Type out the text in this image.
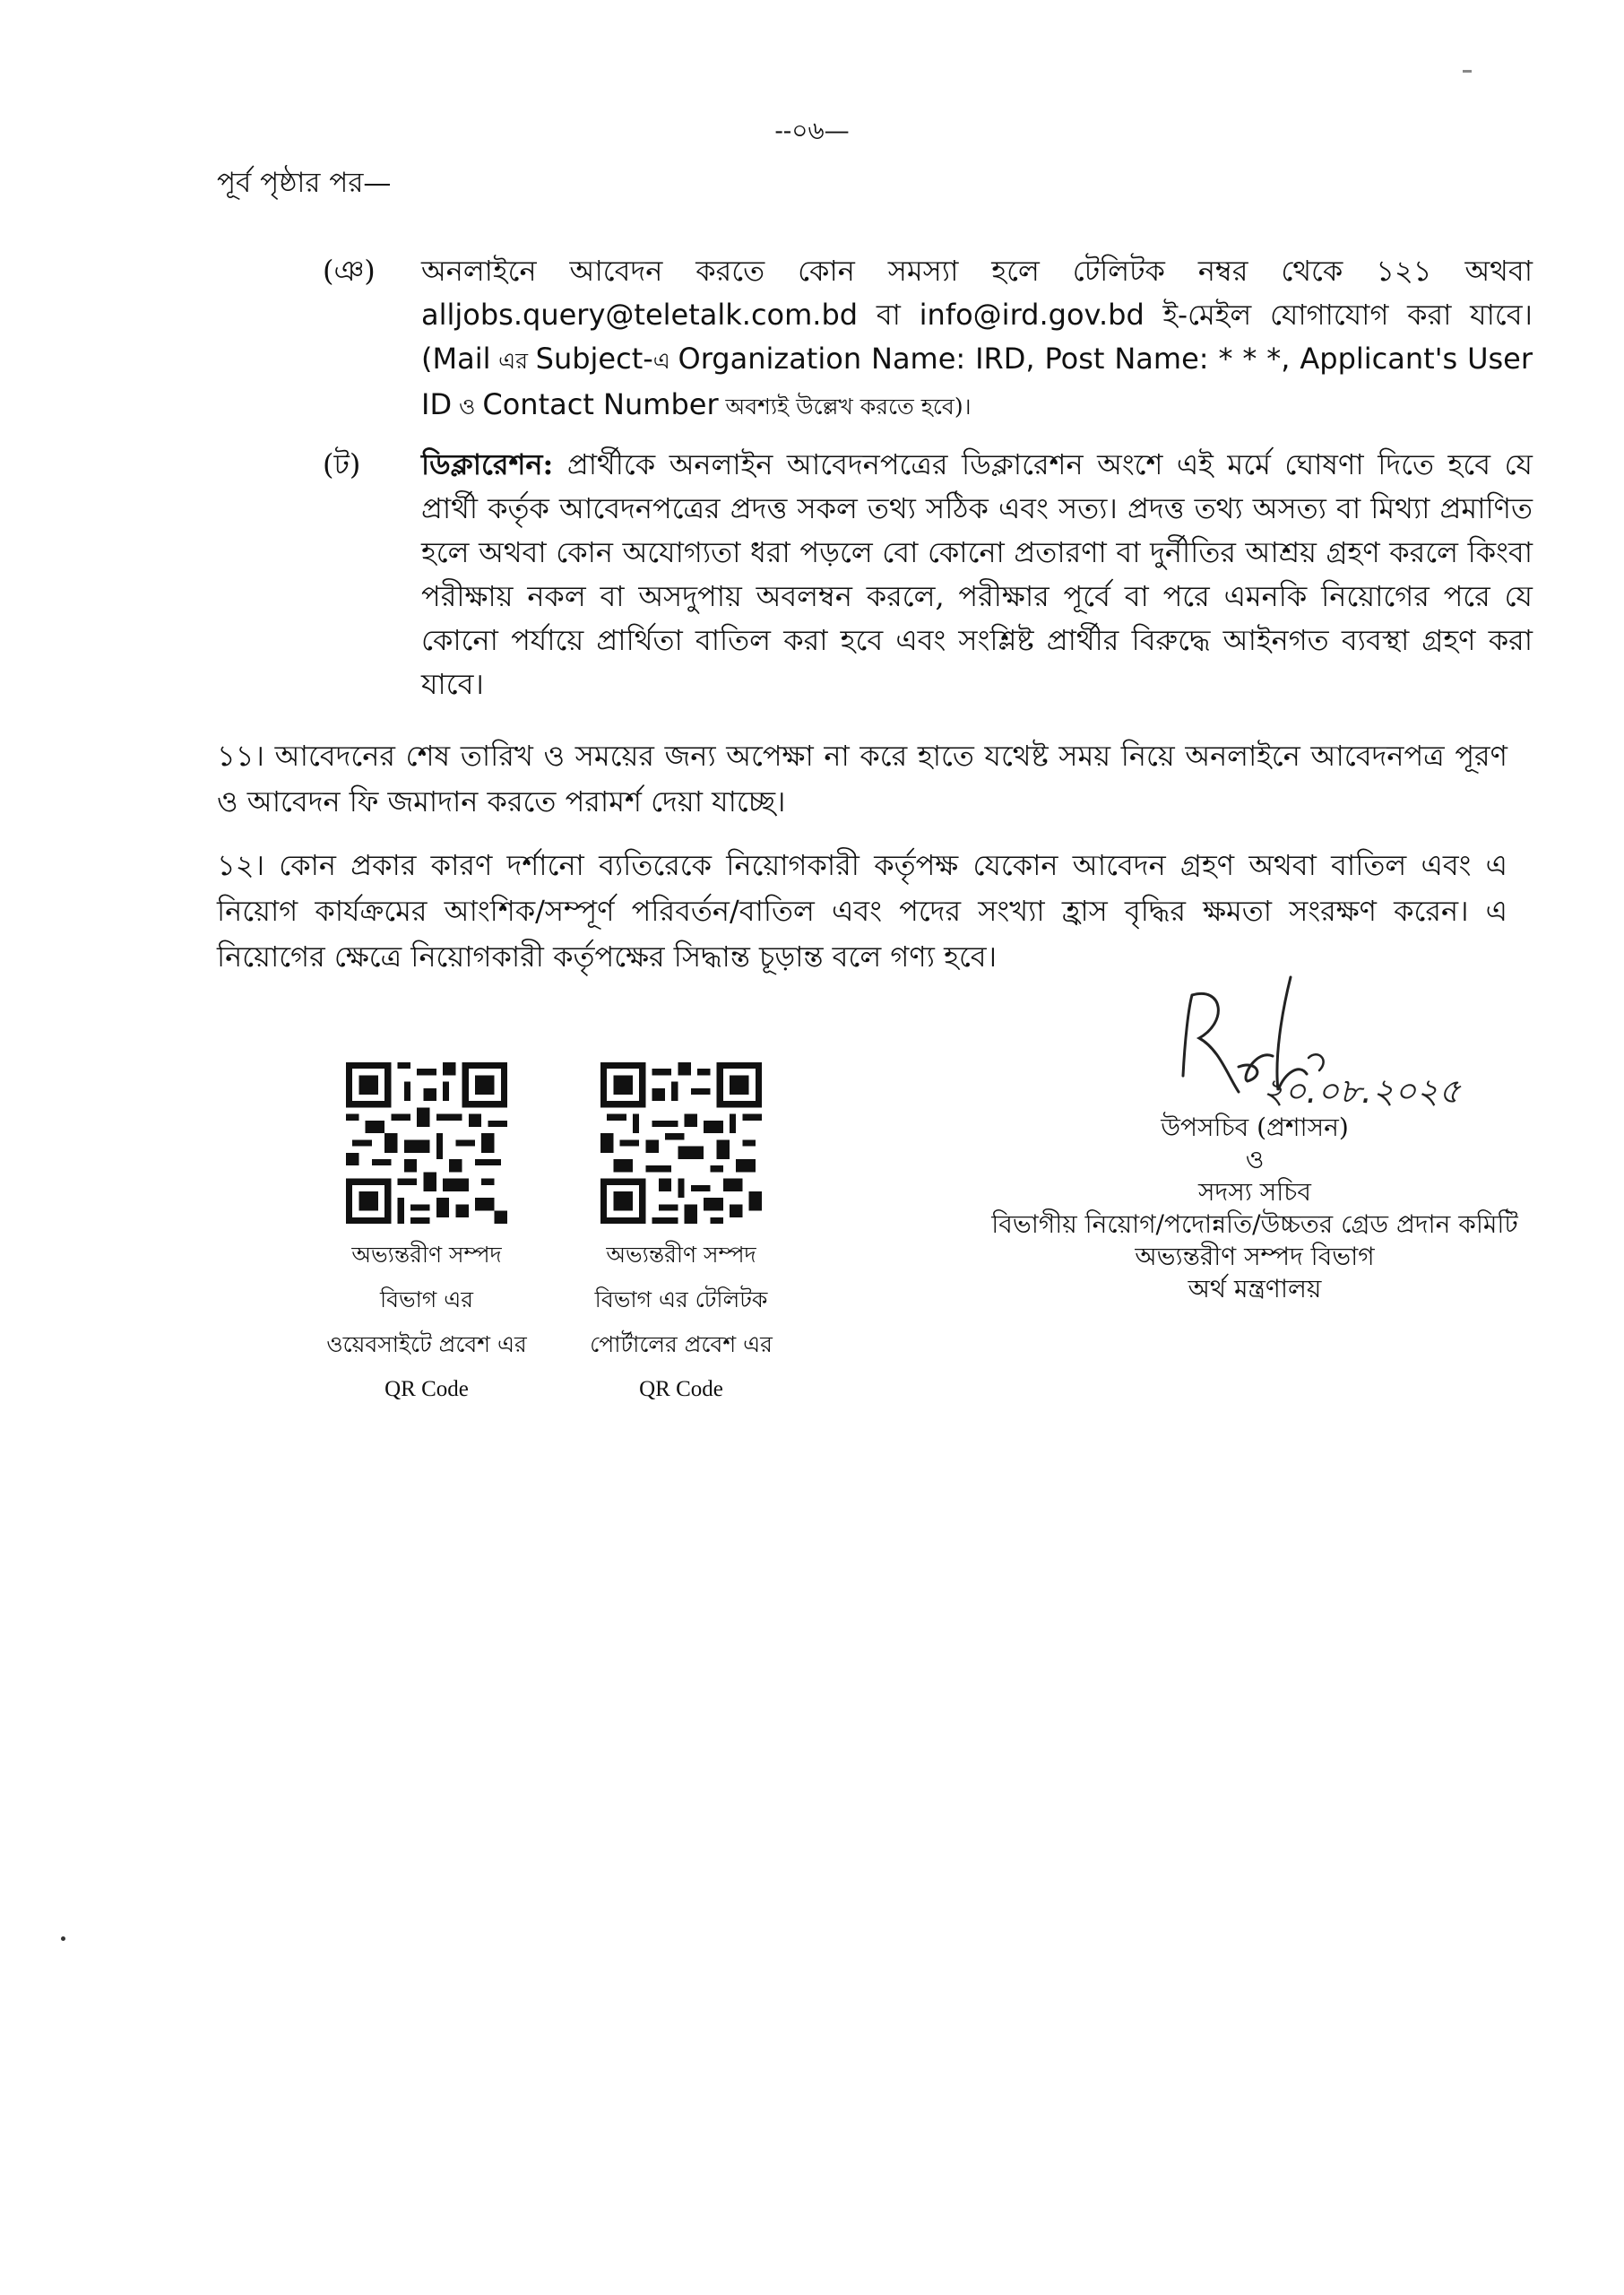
--০৬—
পূর্ব পৃষ্ঠার পর—
(ঞ) অনলাইনে আবেদন করতে কোন সমস্যা হলে টেলিটক নম্বর থেকে ১২১ অথবা alljobs.query@teletalk.com.bd বা info@ird.gov.bd ই-মেইল যোগাযোগ করা যাবে। (Mail এর Subject-এ Organization Name: IRD, Post Name: * * *, Applicant's User ID ও Contact Number অবশ্যই উল্লেখ করতে হবে)।
(ট) ডিক্লারেশন: প্রার্থীকে অনলাইন আবেদনপত্রের ডিক্লারেশন অংশে এই মর্মে ঘোষণা দিতে হবে যে প্রার্থী কর্তৃক আবেদনপত্রের প্রদত্ত সকল তথ্য সঠিক এবং সত্য। প্রদত্ত তথ্য অসত্য বা মিথ্যা প্রমাণিত হলে অথবা কোন অযোগ্যতা ধরা পড়লে বো কোনো প্রতারণা বা দুর্নীতির আশ্রয় গ্রহণ করলে কিংবা পরীক্ষায় নকল বা অসদুপায় অবলম্বন করলে, পরীক্ষার পূর্বে বা পরে এমনকি নিয়োগের পরে যে কোনো পর্যায়ে প্রার্থিতা বাতিল করা হবে এবং সংশ্লিষ্ট প্রার্থীর বিরুদ্ধে আইনগত ব্যবস্থা গ্রহণ করা যাবে।
১১। আবেদনের শেষ তারিখ ও সময়ের জন্য অপেক্ষা না করে হাতে যথেষ্ট সময় নিয়ে অনলাইনে আবেদনপত্র পূরণ ও আবেদন ফি জমাদান করতে পরামর্শ দেয়া যাচ্ছে।
১২। কোন প্রকার কারণ দর্শানো ব্যতিরেকে নিয়োগকারী কর্তৃপক্ষ যেকোন আবেদন গ্রহণ অথবা বাতিল এবং এ নিয়োগ কার্যক্রমের আংশিক/সম্পূর্ণ পরিবর্তন/বাতিল এবং পদের সংখ্যা হ্রাস বৃদ্ধির ক্ষমতা সংরক্ষণ করেন। এ নিয়োগের ক্ষেত্রে নিয়োগকারী কর্তৃপক্ষের সিদ্ধান্ত চূড়ান্ত বলে গণ্য হবে।
অভ্যন্তরীণ সম্পদ
বিভাগ এর
ওয়েবসাইটে প্রবেশ এর
QR Code
অভ্যন্তরীণ সম্পদ
বিভাগ এর টেলিটক
পোর্টালের প্রবেশ এর
QR Code
২০.০৮.২০২৫
উপসচিব (প্রশাসন)
ও
সদস্য সচিব
বিভাগীয় নিয়োগ/পদোন্নতি/উচ্চতর গ্রেড প্রদান কমিটি
অভ্যন্তরীণ সম্পদ বিভাগ
অর্থ মন্ত্রণালয়
